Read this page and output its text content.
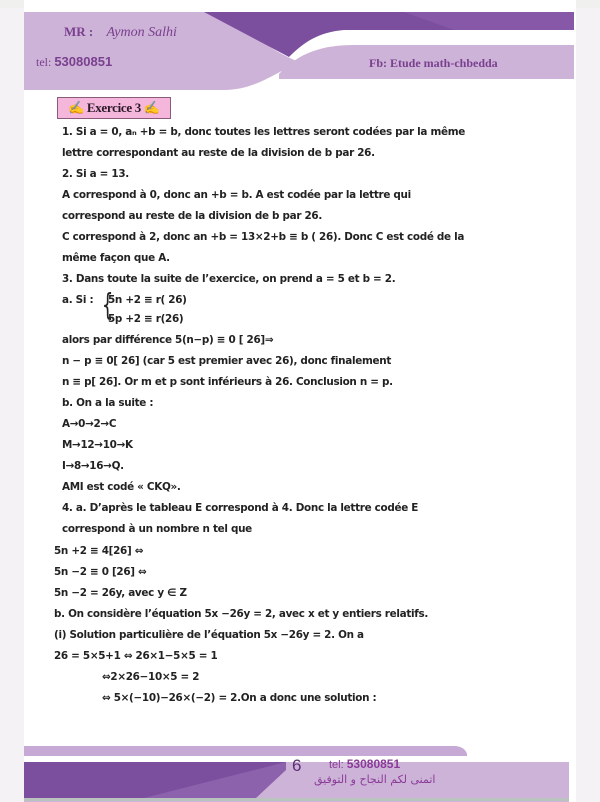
MR : Aymon Salhi
tel: 53080851	Fb: Etude math-chbedda
✍ Exercice 3 ✍
1. Si a = 0, aₙ +b = b, donc toutes les lettres seront codées par la même
lettre correspondant au reste de la division de b par 26.
2. Si a = 13.
A correspond à 0, donc an +b = b. A est codée par la lettre qui
correspond au reste de la division de b par 26.
C correspond à 2, donc an +b = 13×2+b ≡ b ( 26). Donc C est codé de la
même façon que A.
3. Dans toute la suite de l’exercice, on prend a = 5 et b = 2.
a. Si : {
5n +2 ≡ r( 26)
5p +2 ≡ r(26)
alors par différence 5(n−p) ≡ 0 [ 26]⇒
n − p ≡ 0[ 26] (car 5 est premier avec 26), donc finalement
n ≡ p[ 26]. Or m et p sont inférieurs à 26. Conclusion n = p.
b. On a la suite :
A→0→2→C
M→12→10→K
I→8→16→Q.
AMI est codé « CKQ».
4. a. D’après le tableau E correspond à 4. Donc la lettre codée E
correspond à un nombre n tel que
5n +2 ≡ 4[26] ⇔
5n −2 ≡ 0 [26] ⇔
5n −2 = 26y, avec y ∈ Z
b. On considère l’équation 5x −26y = 2, avec x et y entiers relatifs.
(i) Solution particulière de l’équation 5x −26y = 2. On a
26 = 5×5+1 ⇔ 26×1−5×5 = 1
⇔2×26−10×5 = 2
⇔ 5×(−10)−26×(−2) = 2.On a donc une solution :
6	tel: 53080851
اتمنى لكم النجاح و التوفيق
